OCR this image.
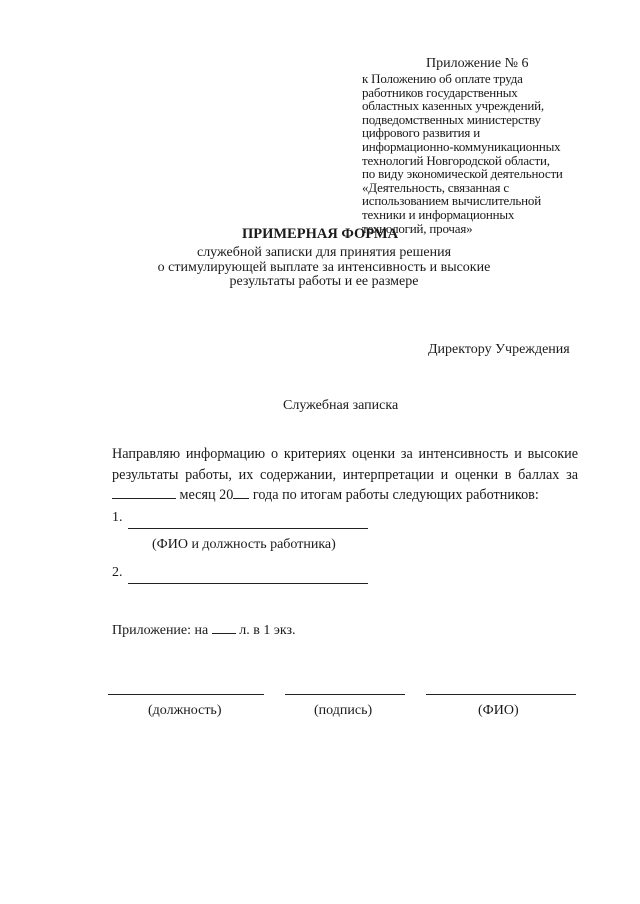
Приложение № 6
к Положению об оплате труда
работников государственных
областных казенных учреждений,
подведомственных министерству
цифрового развития и
информационно-коммуникационных
технологий Новгородской области,
по виду экономической деятельности
«Деятельность, связанная с
использованием вычислительной
техники и информационных
технологий, прочая»
ПРИМЕРНАЯ ФОРМА
служебной записки для принятия решения
о стимулирующей выплате за интенсивность и высокие
результаты работы и ее размере
Директору Учреждения
Служебная записка
Направляю информацию о критериях оценки за интенсивность и высокие
результаты работы, их содержании, интерпретации и оценки в баллах за
месяц 20 года по итогам работы следующих работников:
1.
(ФИО и должность работника)
2.
Приложение: на л. в 1 экз.
(должность)	(подпись)	(ФИО)
